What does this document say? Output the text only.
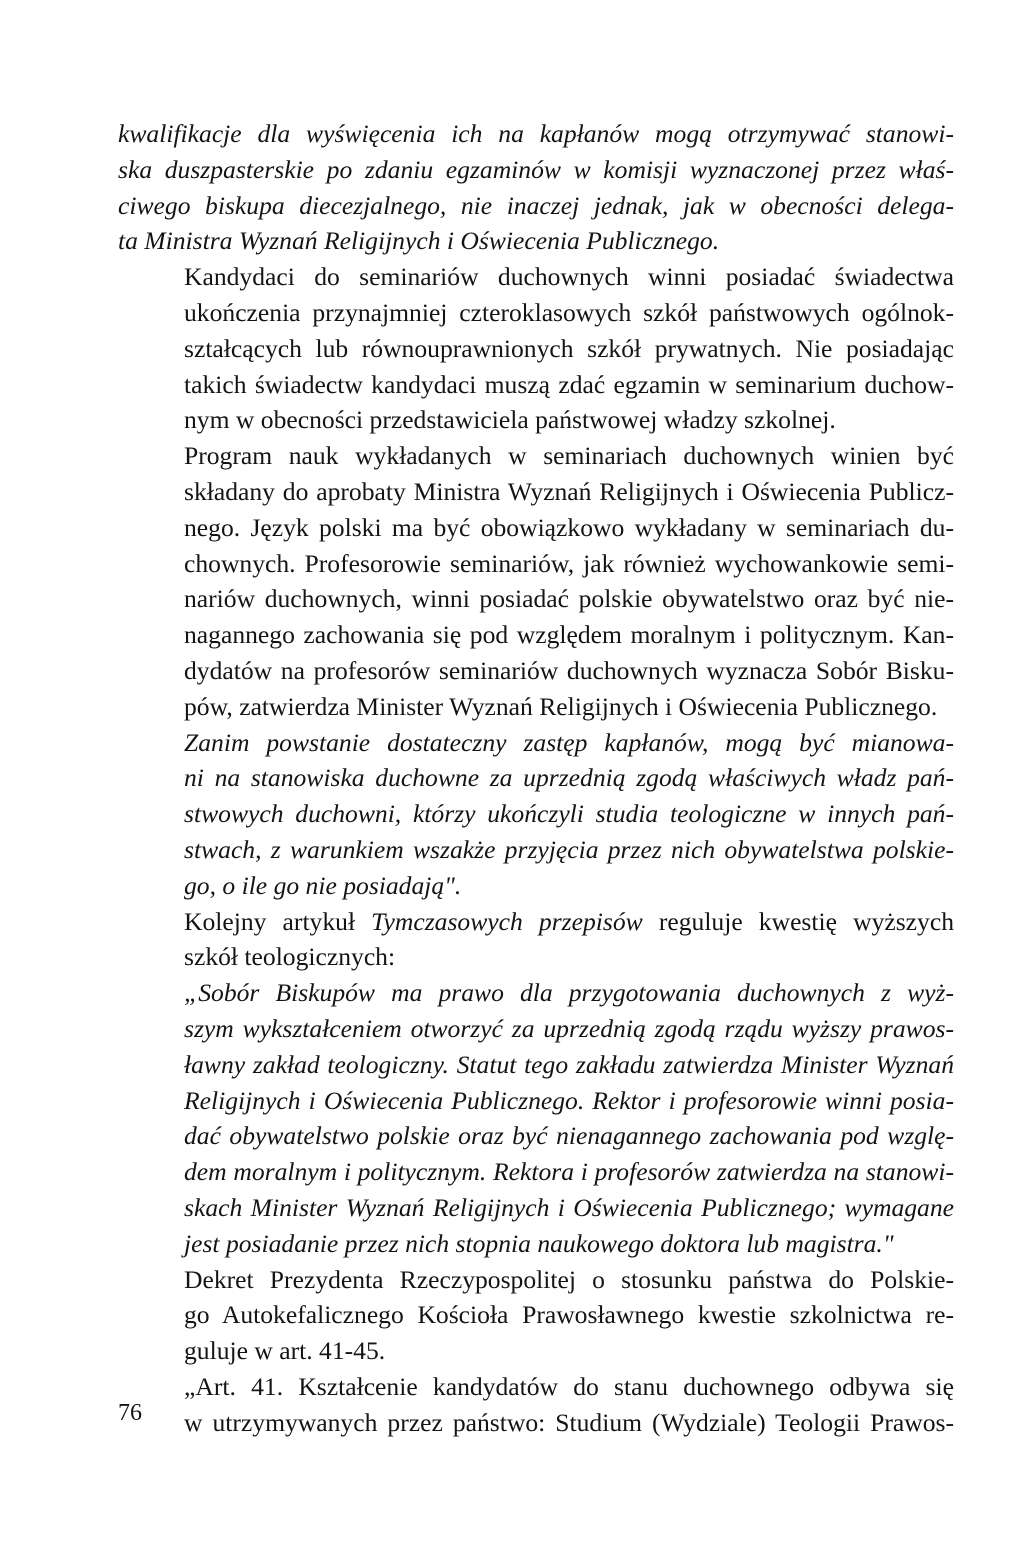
kwalifikacje dla wyświęcenia ich na kapłanów mogą otrzymywać stanowi-
ska duszpasterskie po zdaniu egzaminów w komisji wyznaczonej przez właś-
ciwego biskupa diecezjalnego, nie inaczej jednak, jak w obecności delega-
ta Ministra Wyznań Religijnych i Oświecenia Publicznego.

Kandydaci do seminariów duchownych winni posiadać świadectwa
ukończenia przynajmniej czteroklasowych szkół państwowych ogólnok-
ształcących lub równouprawnionych szkół prywatnych. Nie posiadając
takich świadectw kandydaci muszą zdać egzamin w seminarium duchow-
nym w obecności przedstawiciela państwowej władzy szkolnej.

Program nauk wykładanych w seminariach duchownych winien być
składany do aprobaty Ministra Wyznań Religijnych i Oświecenia Publicz-
nego. Język polski ma być obowiązkowo wykładany w seminariach du-
chownych. Profesorowie seminariów, jak również wychowankowie semi-
nariów duchownych, winni posiadać polskie obywatelstwo oraz być nie-
nagannego zachowania się pod względem moralnym i politycznym. Kan-
dydatów na profesorów seminariów duchownych wyznacza Sobór Bisku-
pów, zatwierdza Minister Wyznań Religijnych i Oświecenia Publicznego.

Zanim powstanie dostateczny zastęp kapłanów, mogą być mianowa-
ni na stanowiska duchowne za uprzednią zgodą właściwych władz pań-
stwowych duchowni, którzy ukończyli studia teologiczne w innych pań-
stwach, z warunkiem wszakże przyjęcia przez nich obywatelstwa polskie-
go, o ile go nie posiadają".

Kolejny artykuł Tymczasowych przepisów reguluje kwestię wyższych
szkół teologicznych:

„Sobór Biskupów ma prawo dla przygotowania duchownych z wyż-
szym wykształceniem otworzyć za uprzednią zgodą rządu wyższy prawos-
ławny zakład teologiczny. Statut tego zakładu zatwierdza Minister Wyznań
Religijnych i Oświecenia Publicznego. Rektor i profesorowie winni posia-
dać obywatelstwo polskie oraz być nienagannego zachowania pod wzglę-
dem moralnym i politycznym. Rektora i profesorów zatwierdza na stanowi-
skach Minister Wyznań Religijnych i Oświecenia Publicznego; wymagane
jest posiadanie przez nich stopnia naukowego doktora lub magistra."

Dekret Prezydenta Rzeczypospolitej o stosunku państwa do Polskie-
go Autokefalicznego Kościoła Prawosławnego kwestie szkolnictwa re-
guluje w art. 41-45.

„Art. 41. Kształcenie kandydatów do stanu duchownego odbywa się
w utrzymywanych przez państwo: Studium (Wydziale) Teologii Prawos-

76
